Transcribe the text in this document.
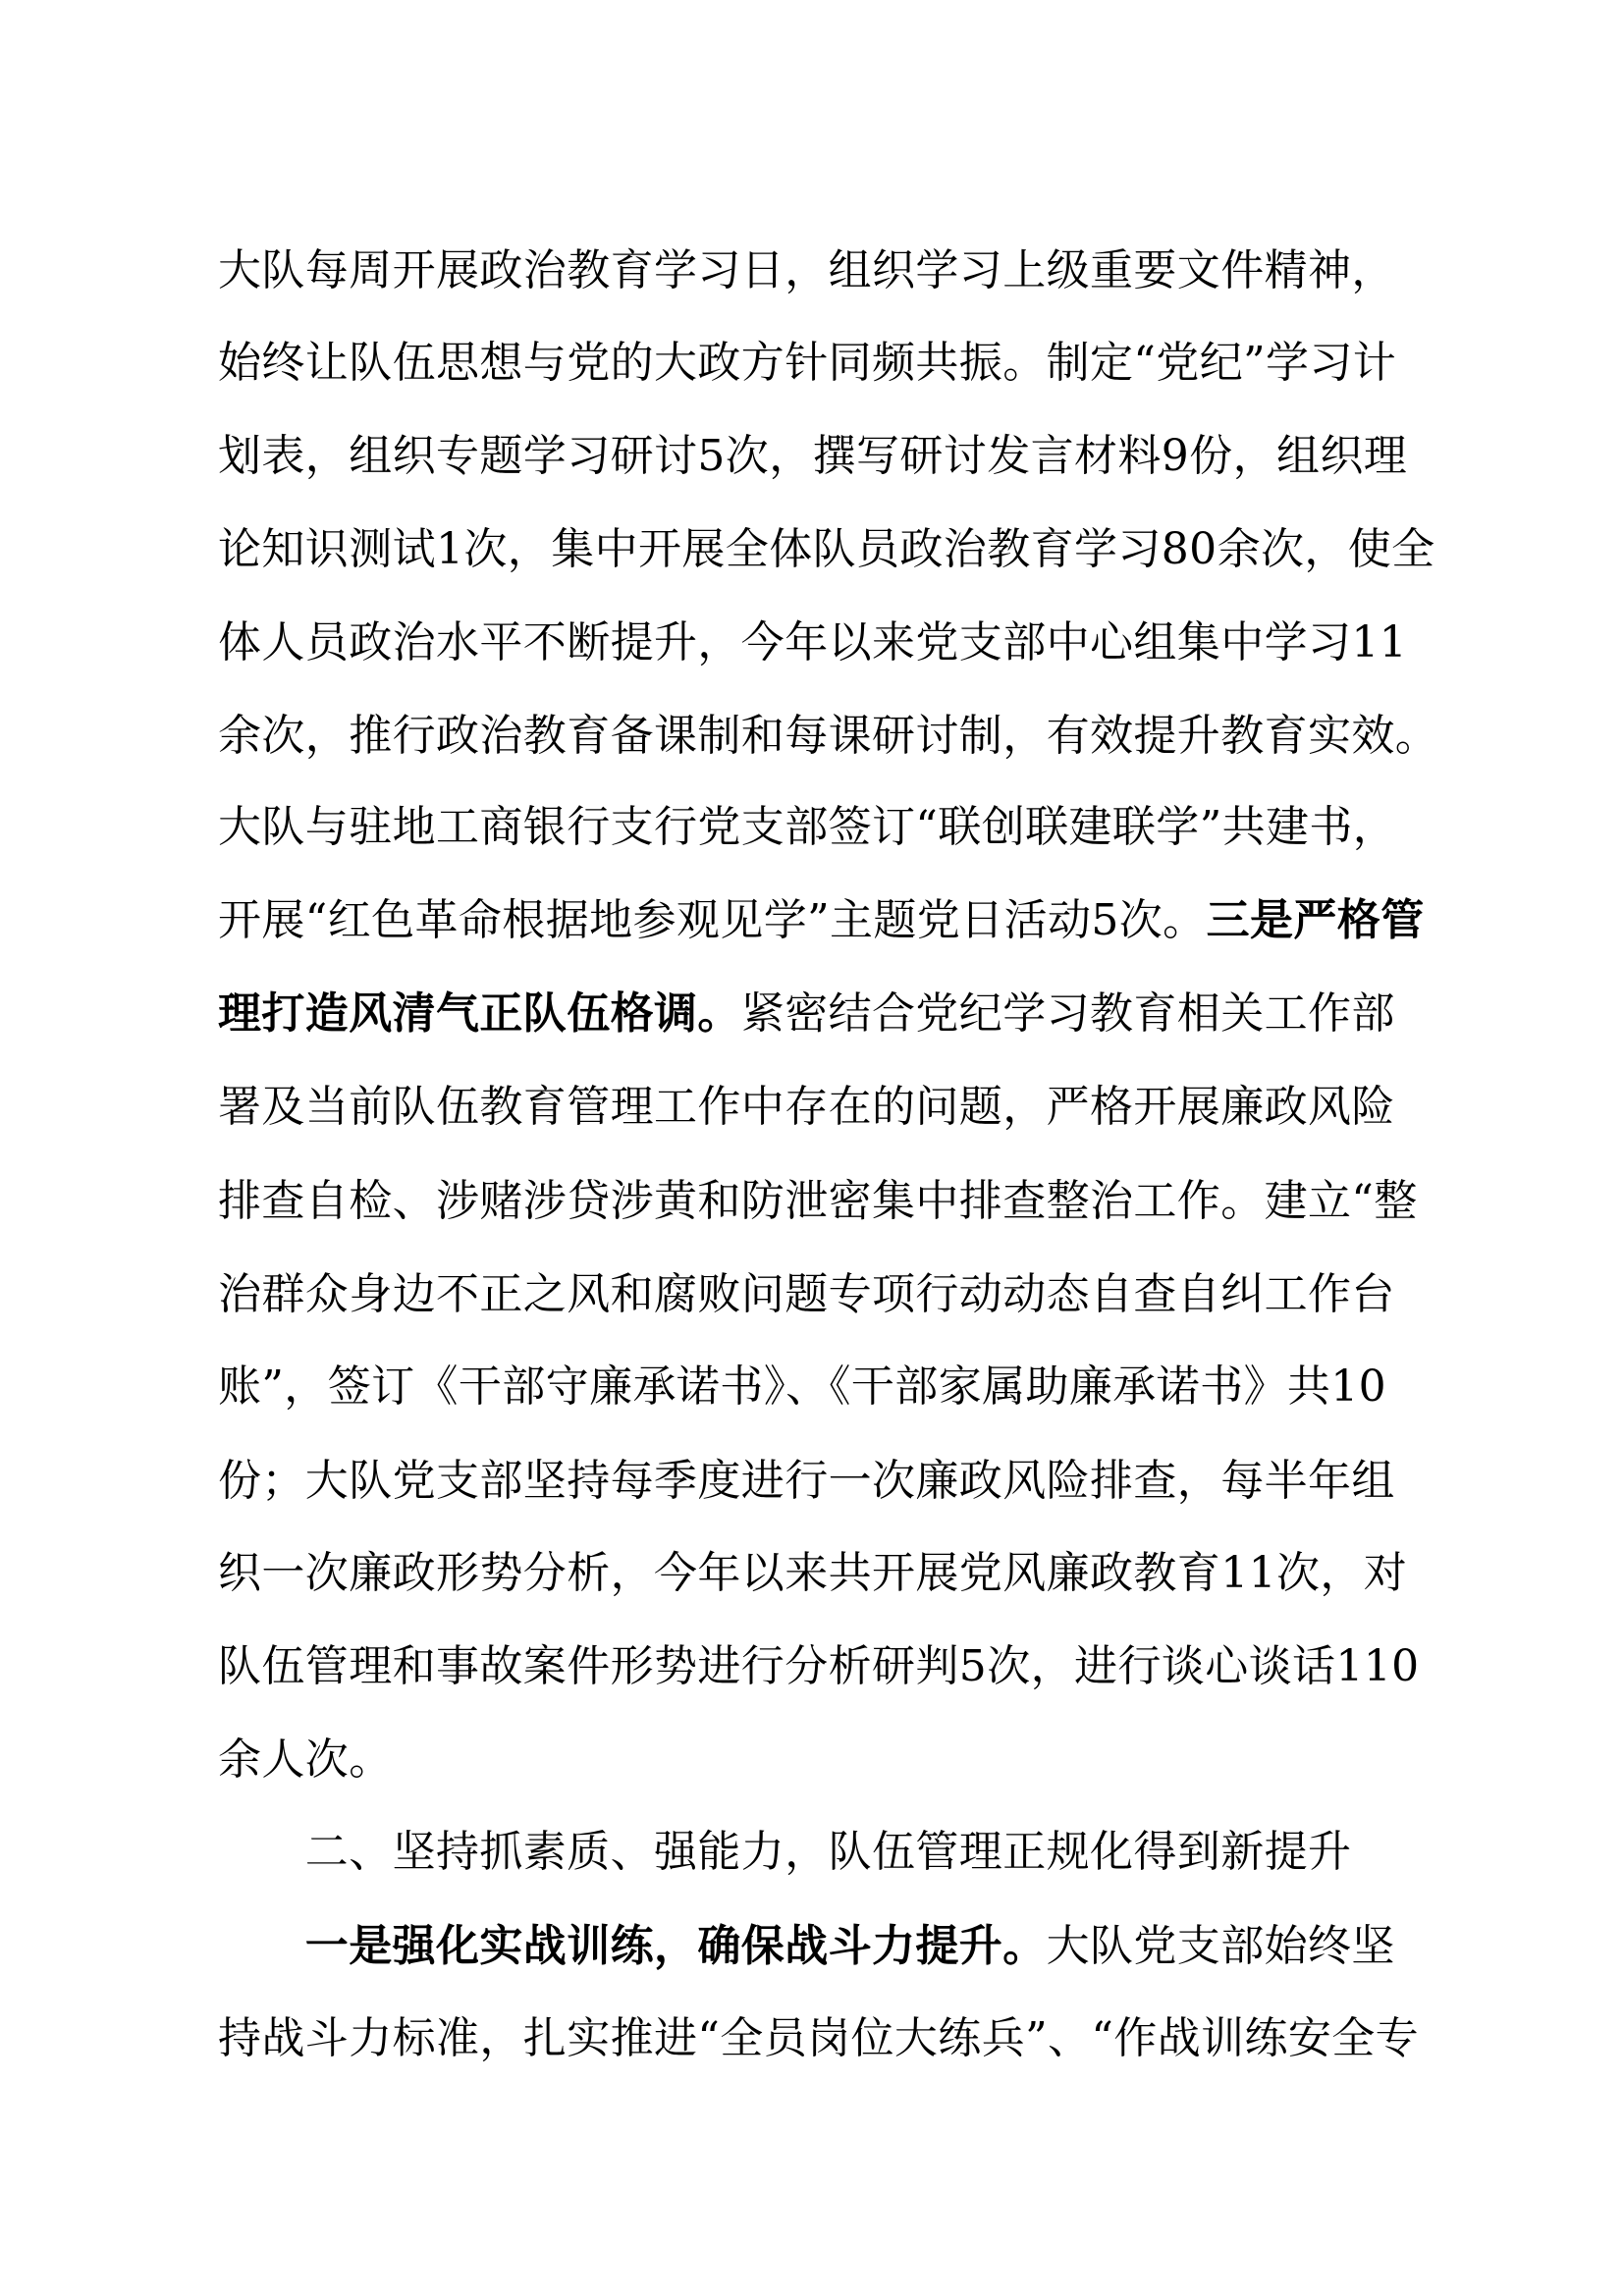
大队每周开展政治教育学习日，组织学习上级重要文件精神，
始终让队伍思想与党的大政方针同频共振。制定“党纪”学习计
划表，组织专题学习研讨5次，撰写研讨发言材料9份，组织理
论知识测试1次，集中开展全体队员政治教育学习80余次，使全
体人员政治水平不断提升，今年以来党支部中心组集中学习11
余次，推行政治教育备课制和每课研讨制，有效提升教育实效。
大队与驻地工商银行支行党支部签订“联创联建联学”共建书，
开展“红色革命根据地参观见学”主题党日活动5次。三是严格管
理打造风清气正队伍格调。紧密结合党纪学习教育相关工作部
署及当前队伍教育管理工作中存在的问题，严格开展廉政风险
排查自检、涉赌涉贷涉黄和防泄密集中排查整治工作。建立“整
治群众身边不正之风和腐败问题专项行动动态自查自纠工作台
账”，签订《干部守廉承诺书》、《干部家属助廉承诺书》共10
份；大队党支部坚持每季度进行一次廉政风险排查，每半年组
织一次廉政形势分析，今年以来共开展党风廉政教育11次，对
队伍管理和事故案件形势进行分析研判5次，进行谈心谈话110
余人次。
　　二、坚持抓素质、强能力，队伍管理正规化得到新提升
　　一是强化实战训练，确保战斗力提升。大队党支部始终坚
持战斗力标准，扎实推进“全员岗位大练兵”、“作战训练安全专
